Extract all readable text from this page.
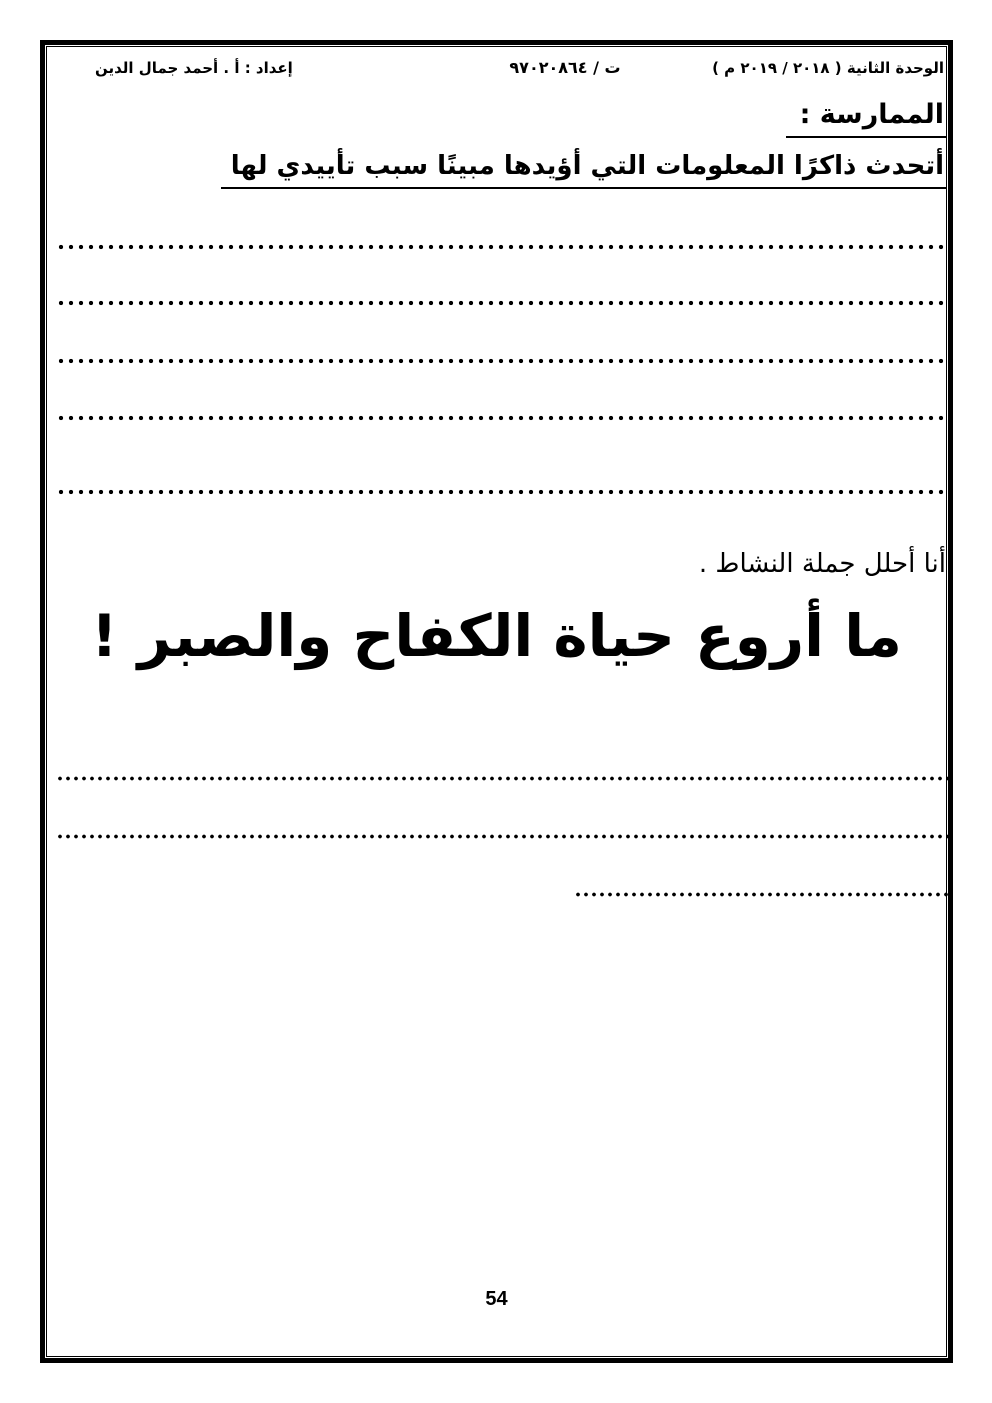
الوحدة الثانية ( ٢٠١٨ / ٢٠١٩ م )
ت / ٩٧٠٢٠٨٦٤
إعداد : أ . أحمد جمال الدين
الممارسة :
أتحدث ذاكرًا المعلومات التي أؤيدها مبينًا سبب تأييدي لها
أنا أحلل جملة النشاط .
ما أروع حياة الكفاح والصبر !
54
